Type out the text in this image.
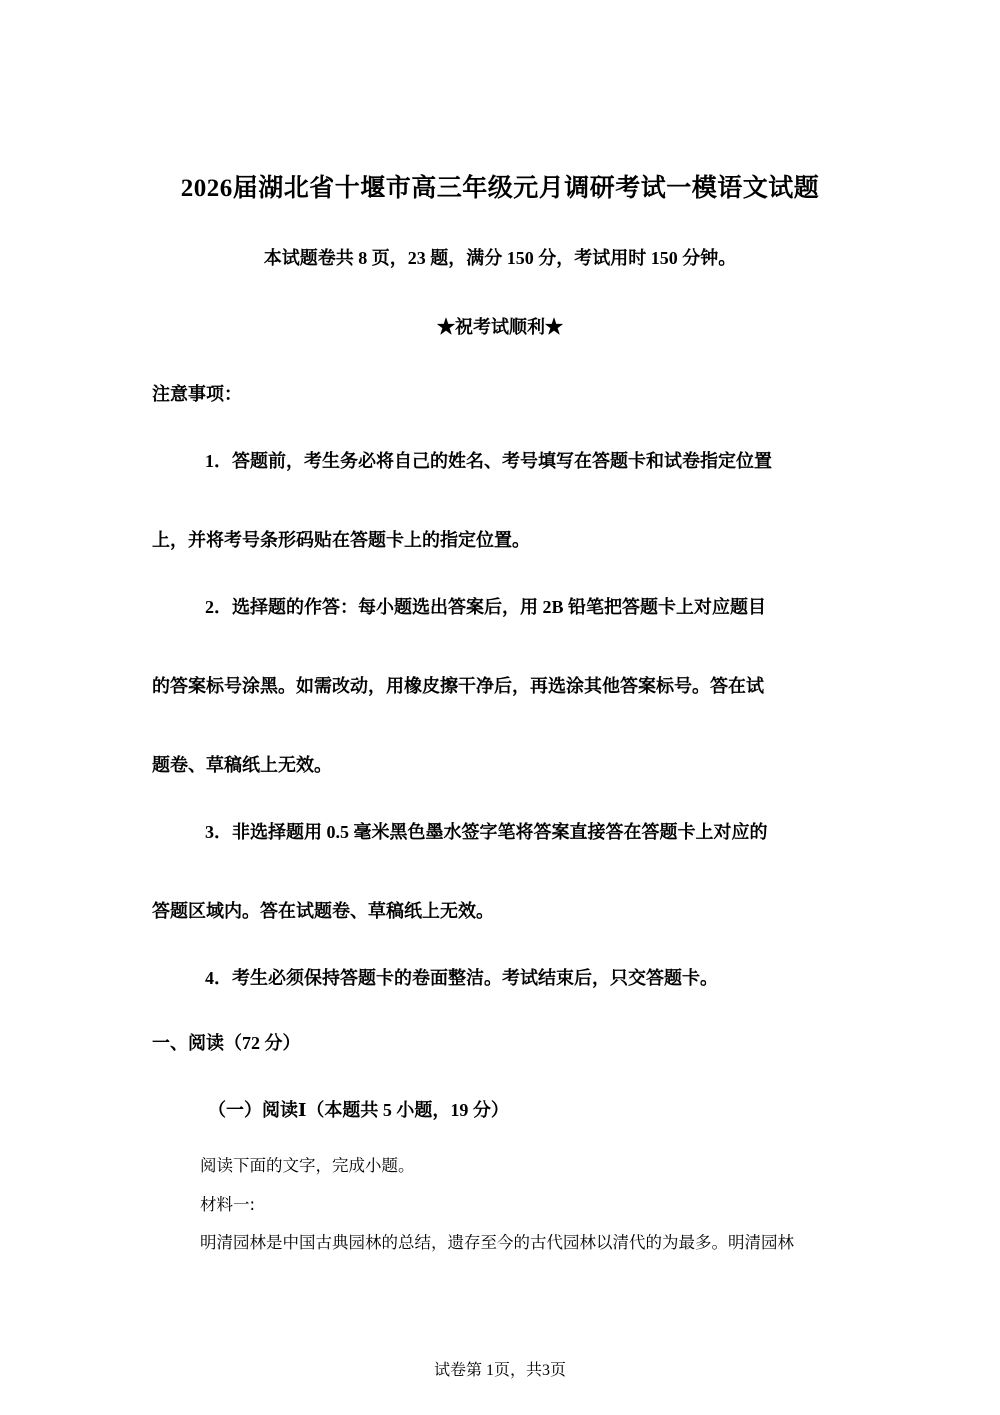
2026届湖北省十堰市高三年级元月调研考试一模语文试题
本试题卷共 8 页，23 题，满分 150 分，考试用时 150 分钟。
★祝考试顺利★
注意事项：
1．答题前，考生务必将自己的姓名、考号填写在答题卡和试卷指定位置
上，并将考号条形码贴在答题卡上的指定位置。
2．选择题的作答：每小题选出答案后，用 2B 铅笔把答题卡上对应题目
的答案标号涂黑。如需改动，用橡皮擦干净后，再选涂其他答案标号。答在试
题卷、草稿纸上无效。
3．非选择题用 0.5 毫米黑色墨水签字笔将答案直接答在答题卡上对应的
答题区域内。答在试题卷、草稿纸上无效。
4．考生必须保持答题卡的卷面整洁。考试结束后，只交答题卡。
一、阅读（72 分）
（一）阅读Ⅰ（本题共 5 小题，19 分）
阅读下面的文字，完成小题。
材料一:
明清园林是中国古典园林的总结，遗存至今的古代园林以清代的为最多。明清园林
试卷第 1页，共3页
